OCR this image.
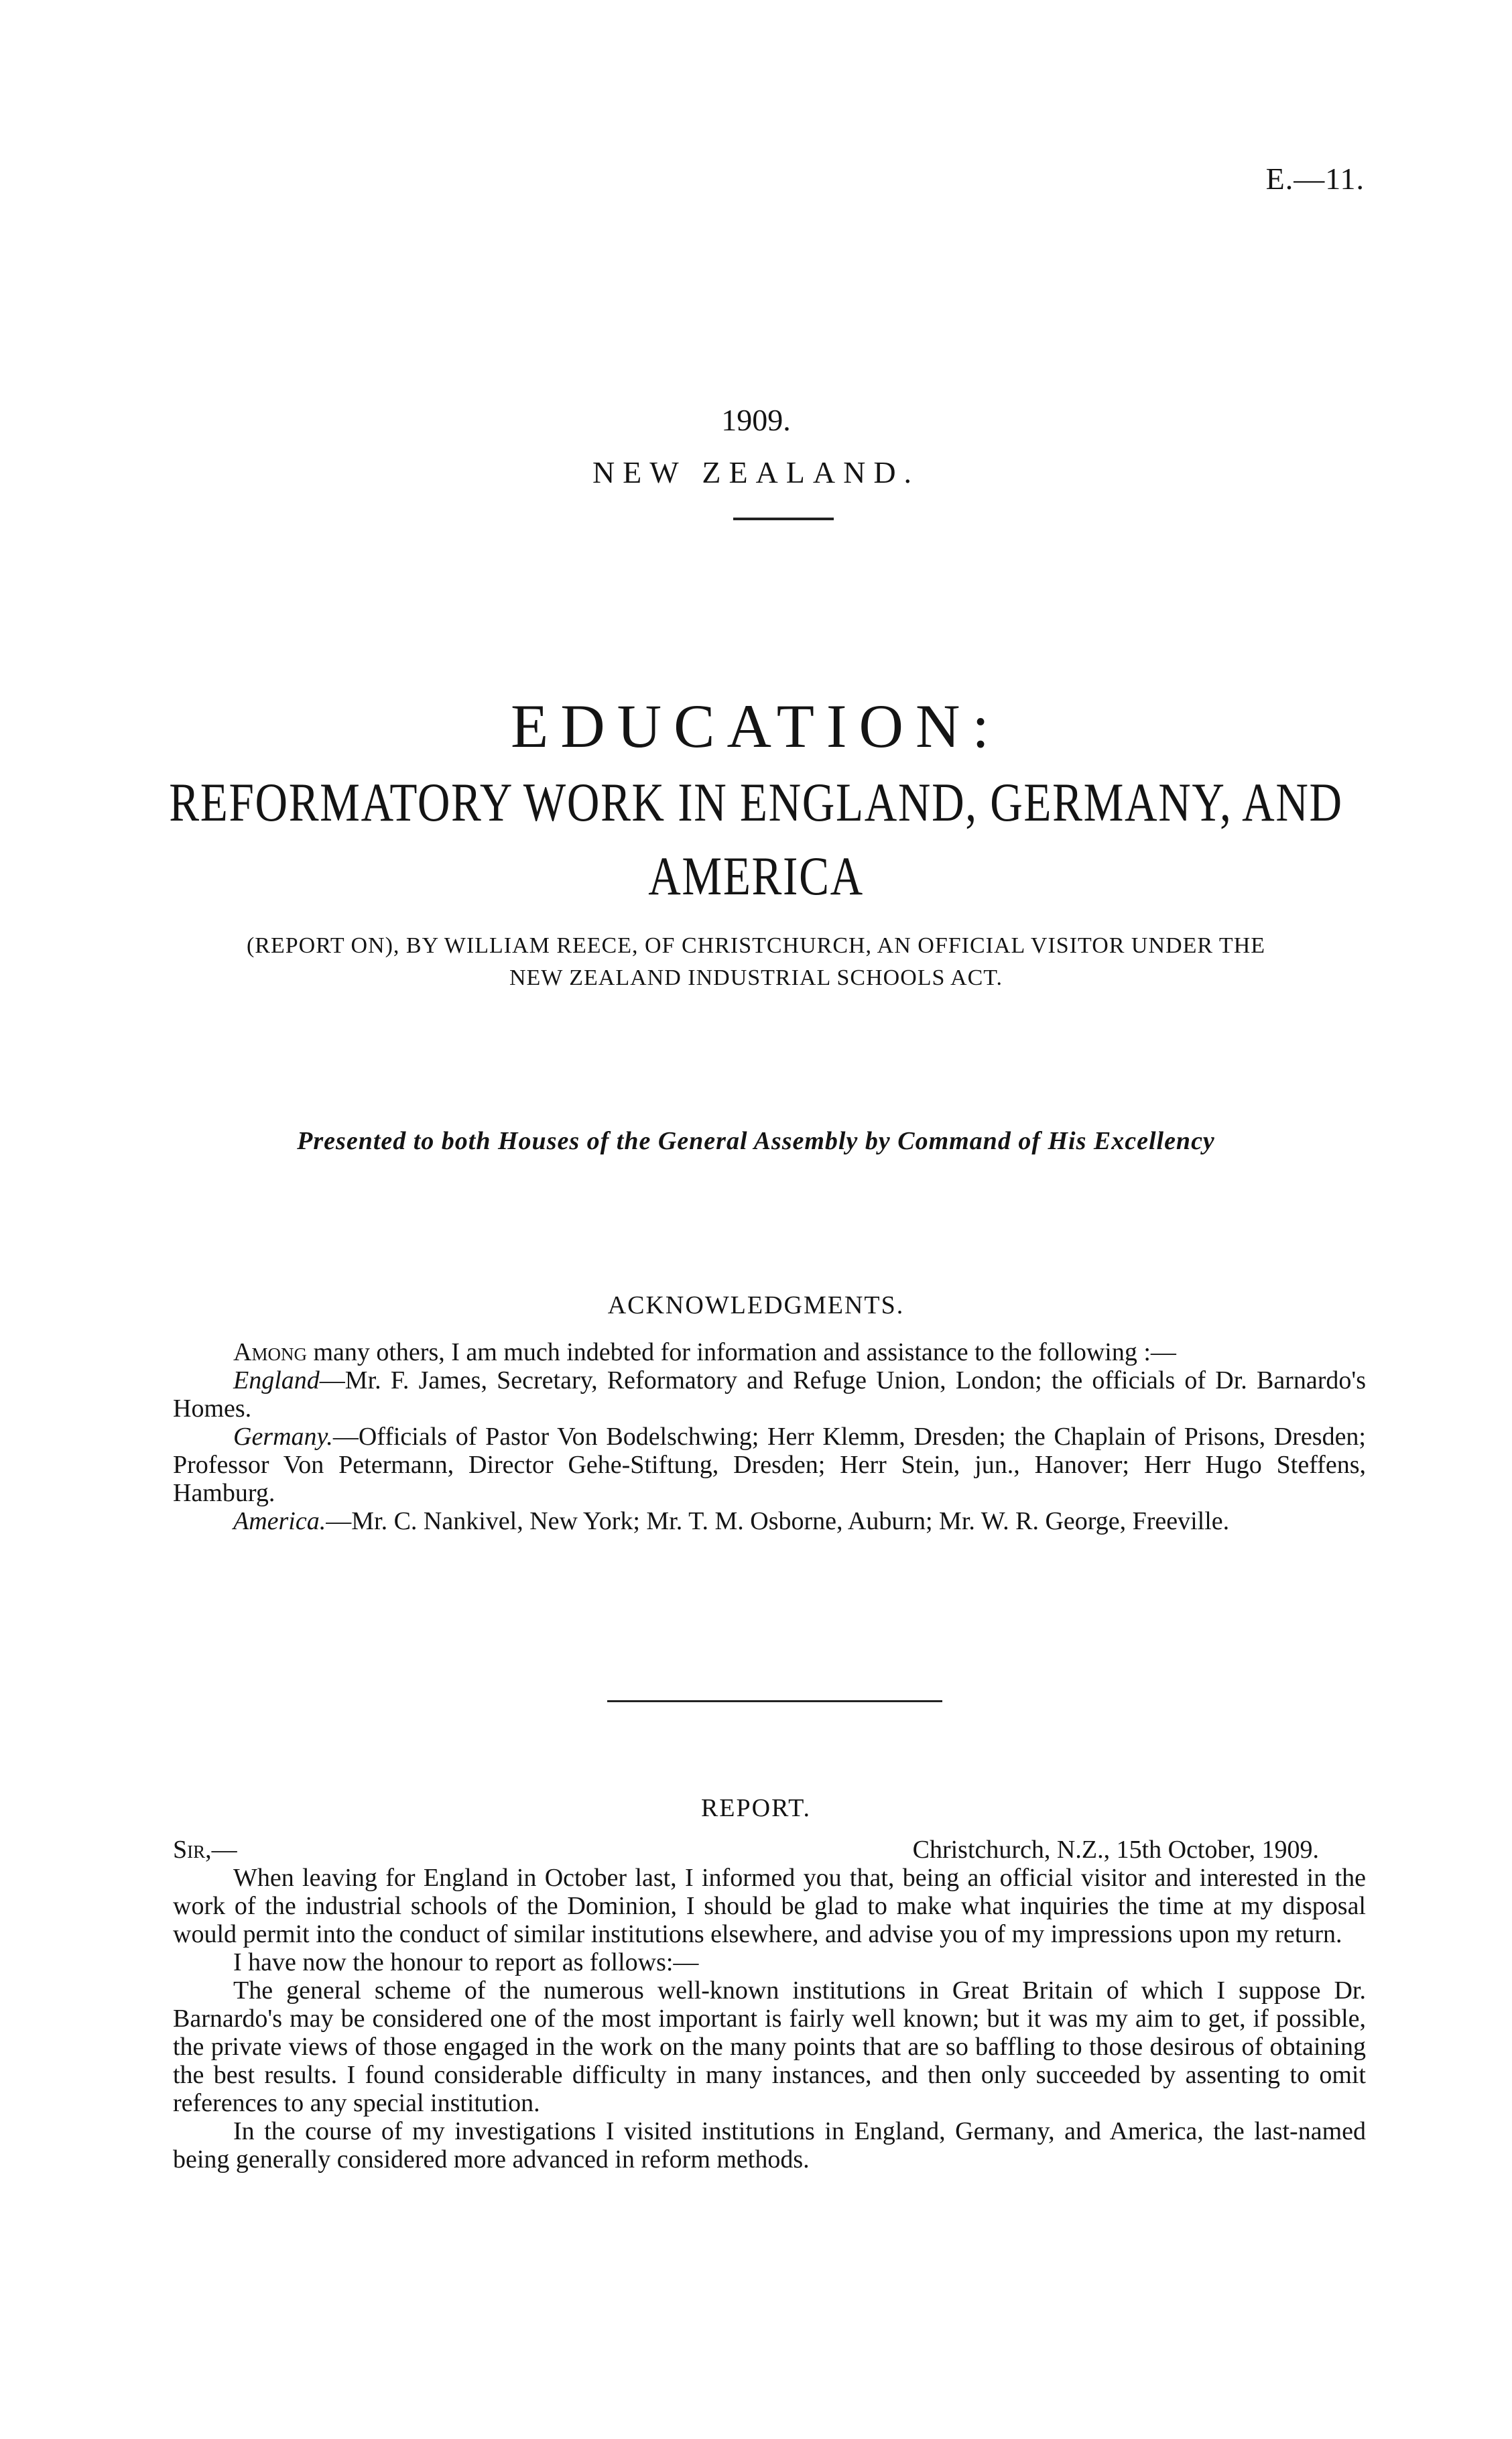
E.—11.
1909.
NEW ZEALAND.
EDUCATION:
REFORMATORY WORK IN ENGLAND, GERMANY, AND
AMERICA
(REPORT ON), BY WILLIAM REECE, OF CHRISTCHURCH, AN OFFICIAL VISITOR UNDER THE
NEW ZEALAND INDUSTRIAL SCHOOLS ACT.
Presented to both Houses of the General Assembly by Command of His Excellency
ACKNOWLEDGMENTS.

Among many others, I am much indebted for information and assistance to the following :—

England—Mr. F. James, Secretary, Reformatory and Refuge Union, London; the officials of Dr. Barnardo's Homes.

Germany.—Officials of Pastor Von Bodelschwing; Herr Klemm, Dresden; the Chaplain of Prisons, Dresden; Professor Von Petermann, Director Gehe-Stiftung, Dresden; Herr Stein, jun., Hanover; Herr Hugo Steffens, Hamburg.

America.—Mr. C. Nankivel, New York; Mr. T. M. Osborne, Auburn; Mr. W. R. George, Freeville.

REPORT.
Sir,—	Christchurch, N.Z., 15th October, 1909.

When leaving for England in October last, I informed you that, being an official visitor and interested in the work of the industrial schools of the Dominion, I should be glad to make what inquiries the time at my disposal would permit into the conduct of similar institutions elsewhere, and advise you of my impressions upon my return.

I have now the honour to report as follows:—

The general scheme of the numerous well-known institutions in Great Britain of which I suppose Dr. Barnardo's may be considered one of the most important is fairly well known; but it was my aim to get, if possible, the private views of those engaged in the work on the many points that are so baffling to those desirous of obtaining the best results. I found considerable difficulty in many instances, and then only succeeded by assenting to omit references to any special institution.

In the course of my investigations I visited institutions in England, Germany, and America, the last-named being generally considered more advanced in reform methods.
